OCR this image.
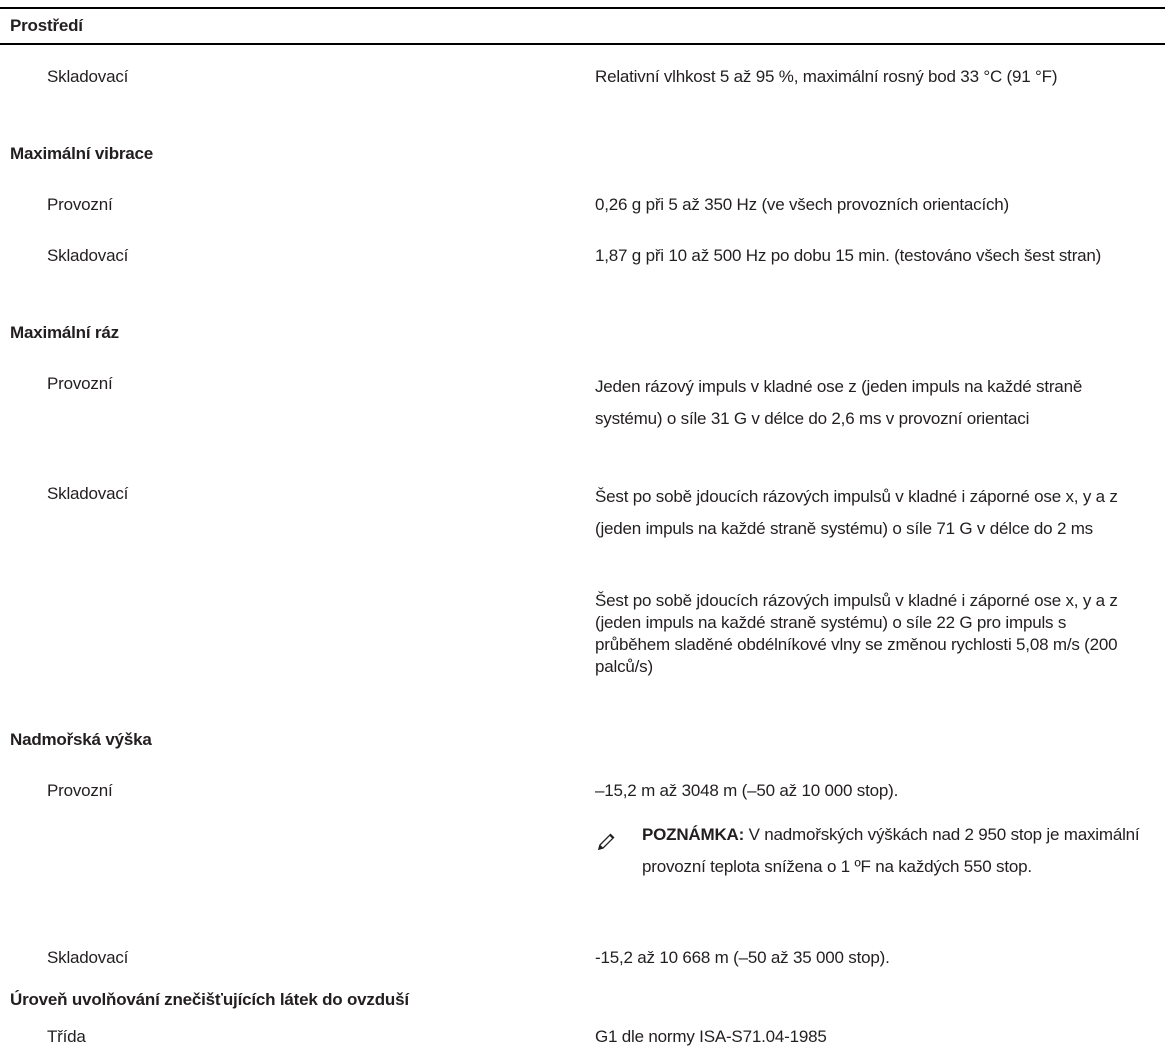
Prostředí
Skladovací	Relativní vlhkost 5 až 95 %, maximální rosný bod 33 °C (91 °F)
Maximální vibrace
Provozní	0,26 g při 5 až 350 Hz (ve všech provozních orientacích)
Skladovací	1,87 g při 10 až 500 Hz po dobu 15 min. (testováno všech šest stran)
Maximální ráz
Provozní	Jeden rázový impuls v kladné ose z (jeden impuls na každé straně systému) o síle 31 G v délce do 2,6 ms v provozní orientaci
Skladovací	Šest po sobě jdoucích rázových impulsů v kladné i záporné ose x, y a z (jeden impuls na každé straně systému) o síle 71 G v délce do 2 ms
Šest po sobě jdoucích rázových impulsů v kladné i záporné ose x, y a z (jeden impuls na každé straně systému) o síle 22 G pro impuls s průběhem sladěné obdélníkové vlny se změnou rychlosti 5,08 m/s (200 palců/s)
Nadmořská výška
Provozní	–15,2 m až 3048 m (–50 až 10 000 stop).
POZNÁMKA: V nadmořských výškách nad 2 950 stop je maximální provozní teplota snížena o 1 ºF na každých 550 stop.
Skladovací	-15,2 až 10 668 m (–50 až 35 000 stop).
Úroveň uvolňování znečišťujících látek do ovzduší
Třída	G1 dle normy ISA-S71.04-1985
